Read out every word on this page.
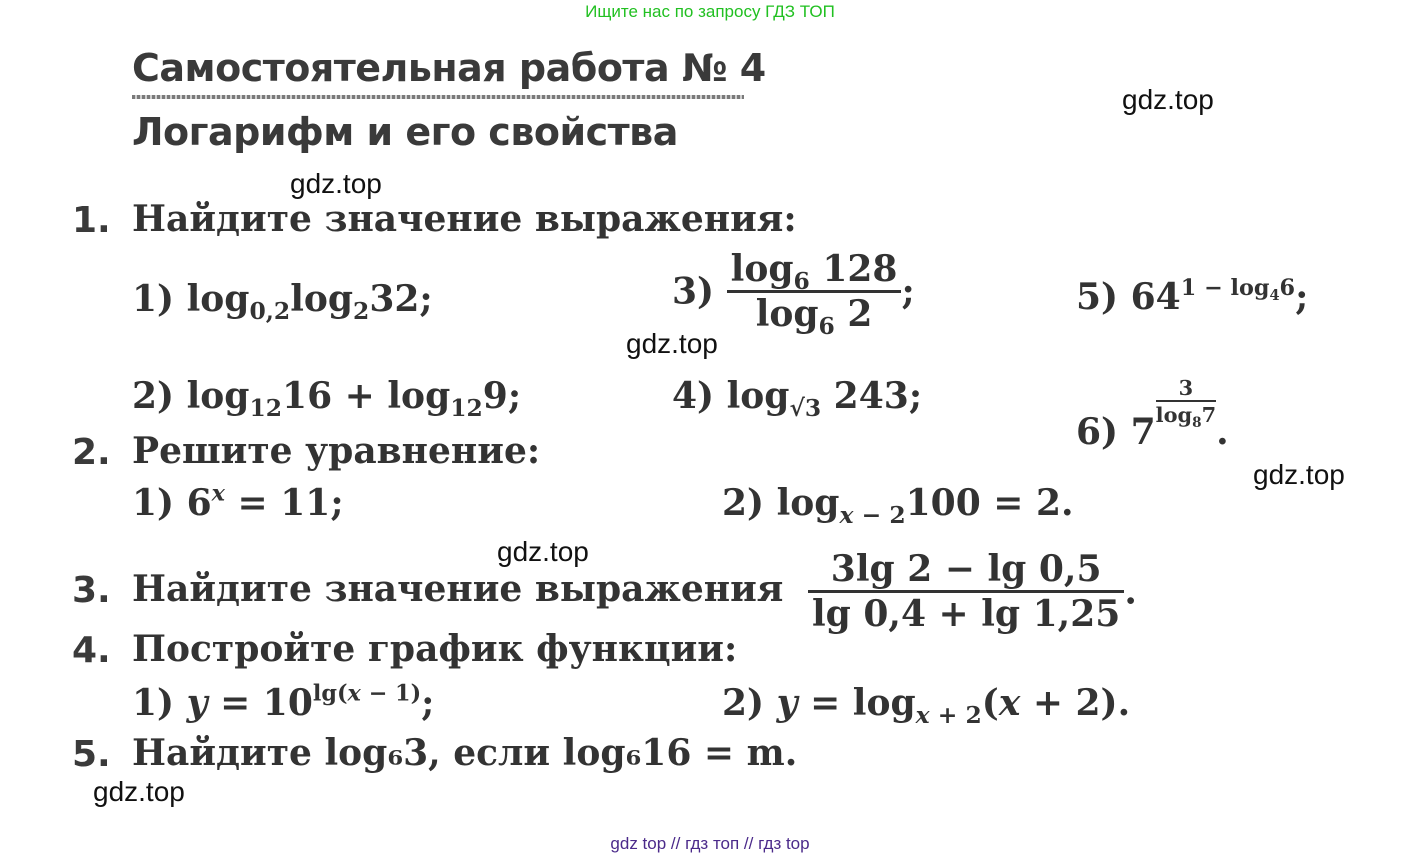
Ищите нас по запросу ГДЗ ТОП
gdz top // гдз топ // гдз top
gdz.top
gdz.top
gdz.top
gdz.top
gdz.top
gdz.top
Самостоятельная работа № 4
Логарифм и его свойства
1. Найдите значение выражения:
1) $\log_{0,2}\log_232$;
2) $\log_{12}16 + \log_{12}9$;
$3) \frac{\log_6 128}{\log_6 2}$ ;
4) $\log_{√3} 243$;
5) $64^{1 - log_46}$;
6) 7
$\frac{3}{\log_87}$
.
2. Решите уравнение:
1) $6^x = 11$;	2) $\log_{x - 2}100 = 2$.
3. Найдите значение выражения $\frac{3\lg 2 - \lg 0,5}{\lg 0,4 + \lg 1,25}$ .
4. Постройте график функции:
1) $y = 10^{lg(x - 1)}$;	2) $y = \log_{x + 2}(x + 2)$.
5. Найдите log₆3, если log₆16 = m.
